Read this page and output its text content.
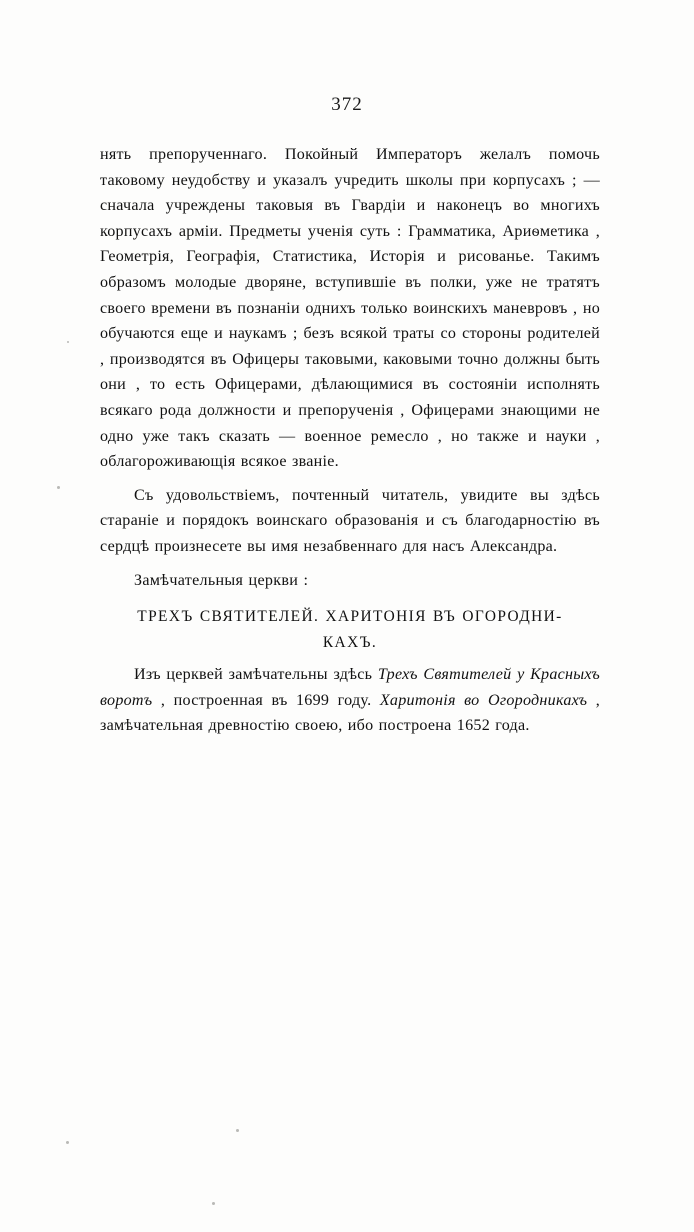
372

нять препорученнаго. Покойный Императоръ желалъ помочь таковому неудобству и указалъ учредить школы при корпусахъ ; — сначала учреждены таковыя въ Гвардiи и наконецъ во многихъ корпусахъ армiи. Предметы ученiя суть : Грамматика, Ариѳметика , Геометрiя, Географiя, Статистика, Исторiя и рисованье. Такимъ образомъ молодые дворяне, вступившiе въ полки, уже не тратятъ своего времени въ познанiи однихъ только воинскихъ маневровъ , но обучаются еще и наукамъ ; безъ всякой траты со стороны родителей , производятся въ Офицеры таковыми, каковыми точно должны быть они , то есть Офицерами, дѣлающимися въ состоянiи исполнять всякаго рода должности и препорученiя , Офицерами знающими не одно уже такъ сказать — военное ремесло , но также и науки , облагороживающiя всякое званiе.

Съ удовольствiемъ, почтенный читатель, увидите вы здѣсь старанiе и порядокъ воинскаго образованiя и съ благодарностiю въ сердцѣ произнесете вы имя незабвеннаго для насъ Александра.

Замѣчательныя церкви :

ТРЕХЪ СВЯТИТЕЛЕЙ. ХАРИТОНIЯ ВЪ ОГОРОДНИ-

КАХЪ.

Изъ церквей замѣчательны здѣсь Трехъ Святителей у Красныхъ воротъ , построенная въ 1699 году. Харитонiя во Огородникахъ , замѣчательная древностiю своею, ибо построена 1652 года.
